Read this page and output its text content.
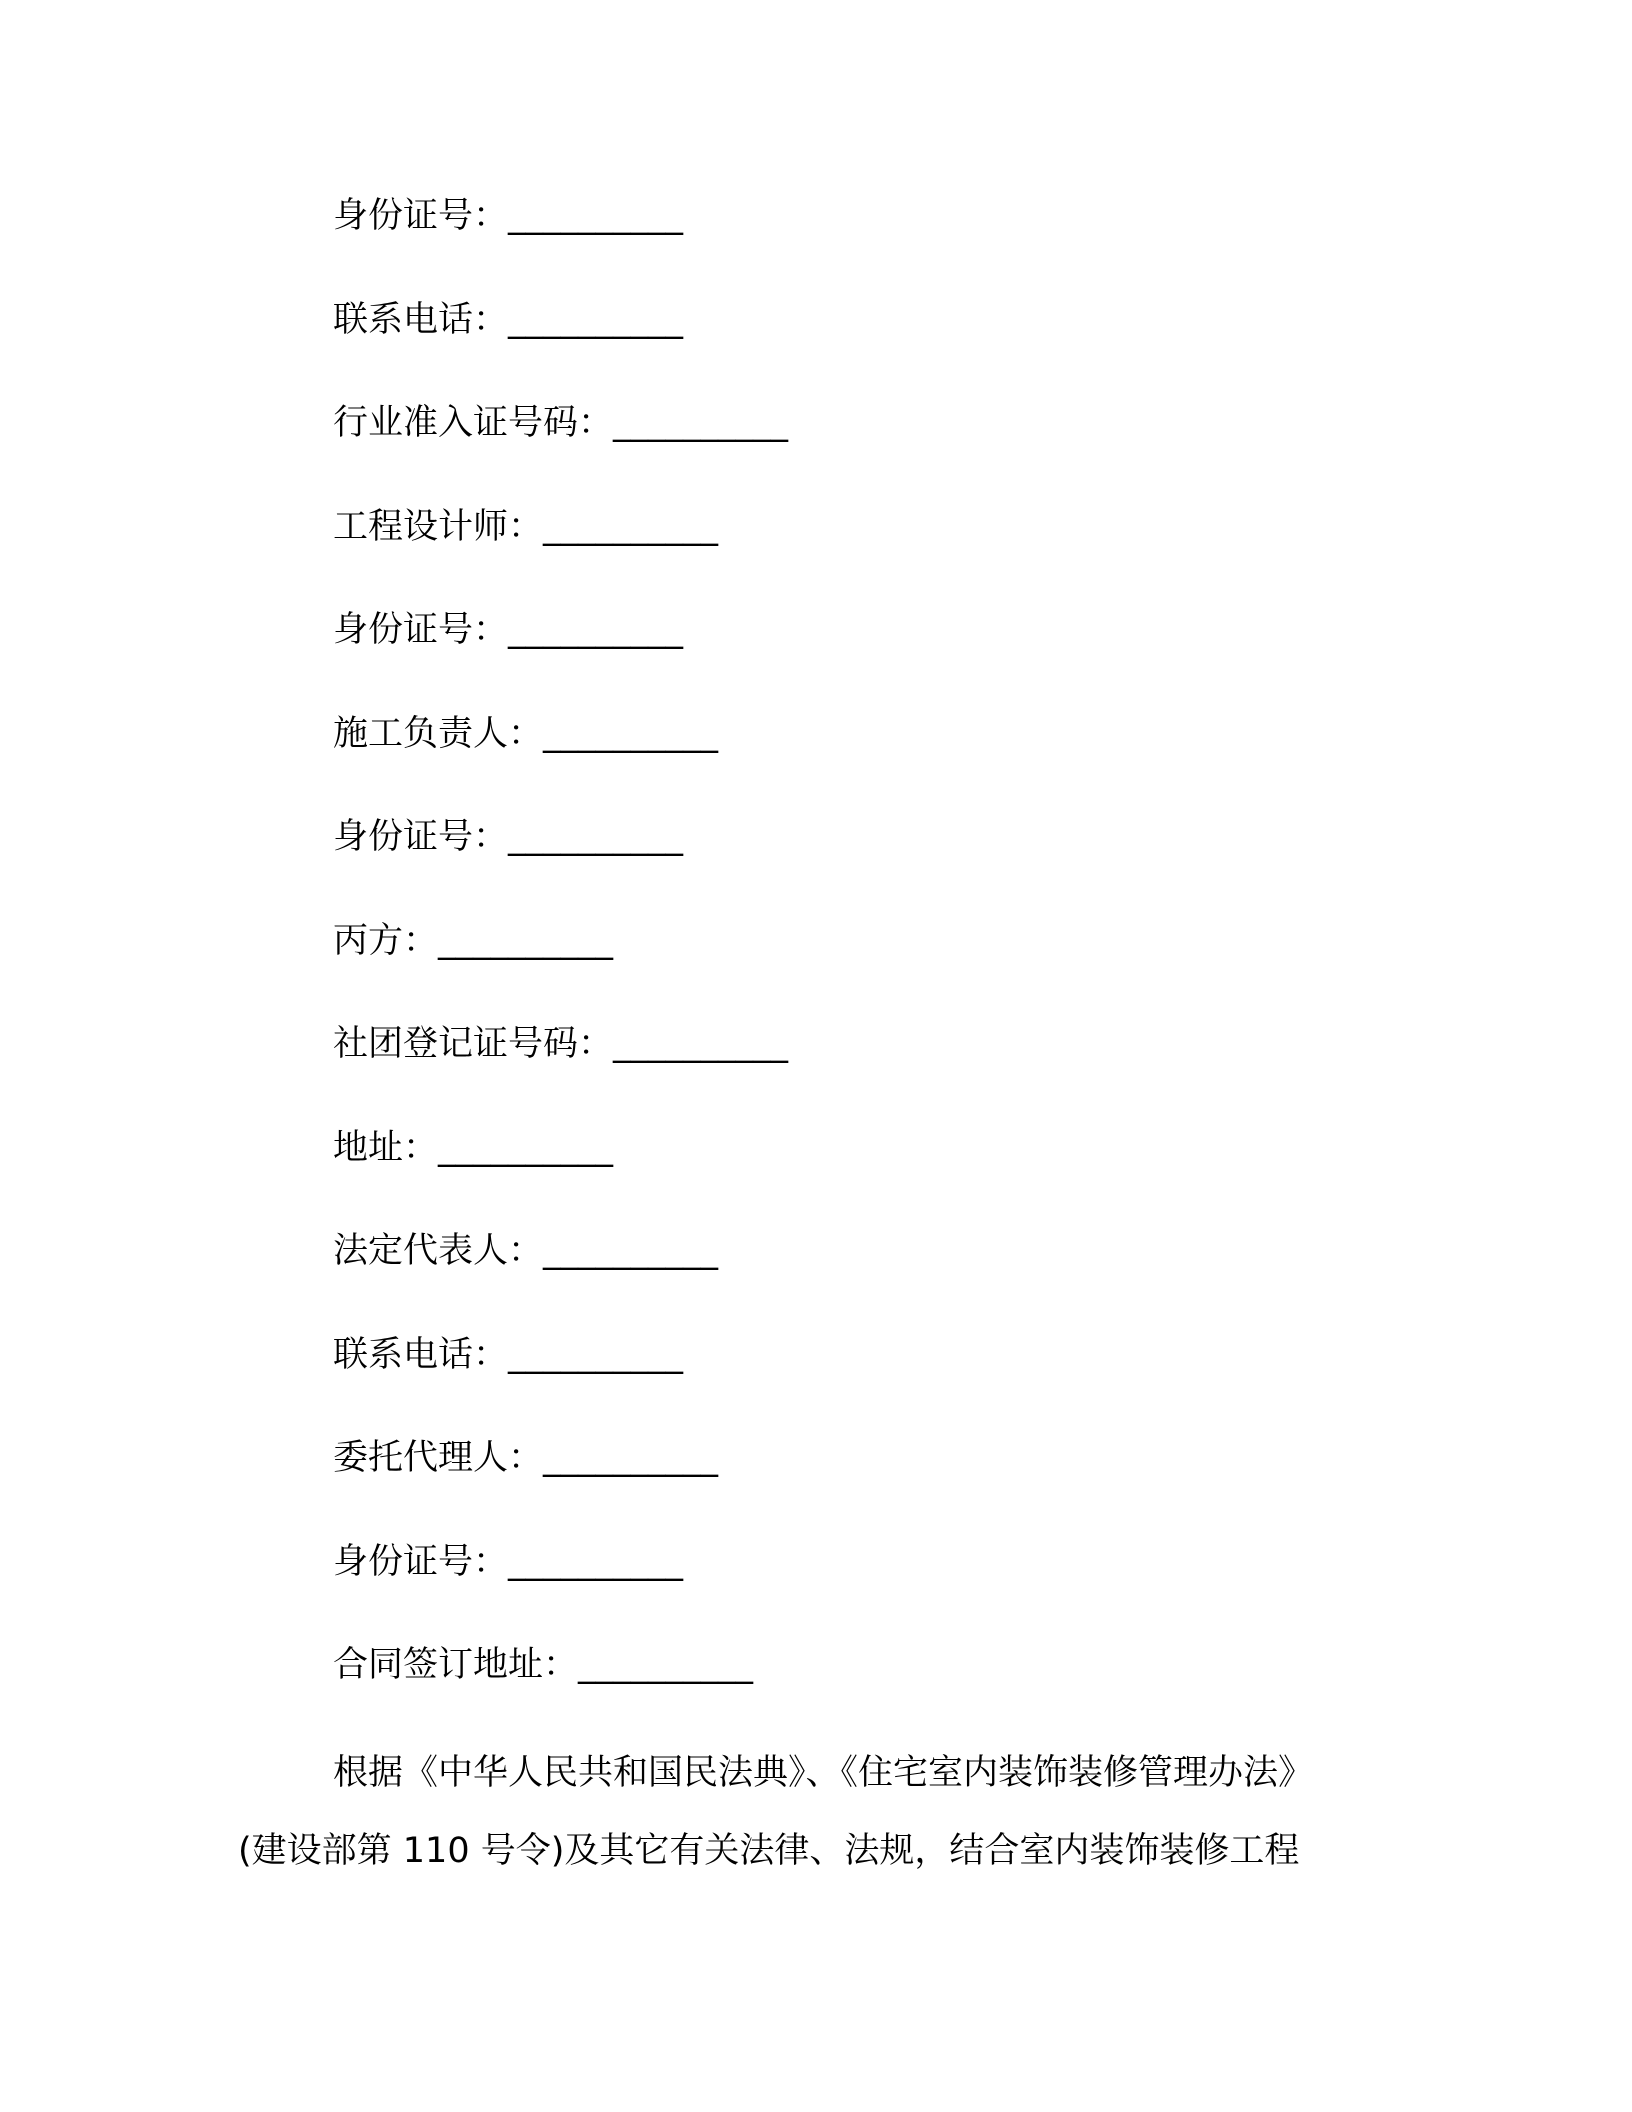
身份证号：__________
联系电话：__________
行业准入证号码：__________
工程设计师：__________
身份证号：__________
施工负责人：__________
身份证号：__________
丙方：__________
社团登记证号码：__________
地址：__________
法定代表人：__________
联系电话：__________
委托代理人：__________
身份证号：__________
合同签订地址：__________
根据《中华人民共和国民法典》、《住宅室内装饰装修管理办法》
(建设部第 110 号令)及其它有关法律、法规，结合室内装饰装修工程
